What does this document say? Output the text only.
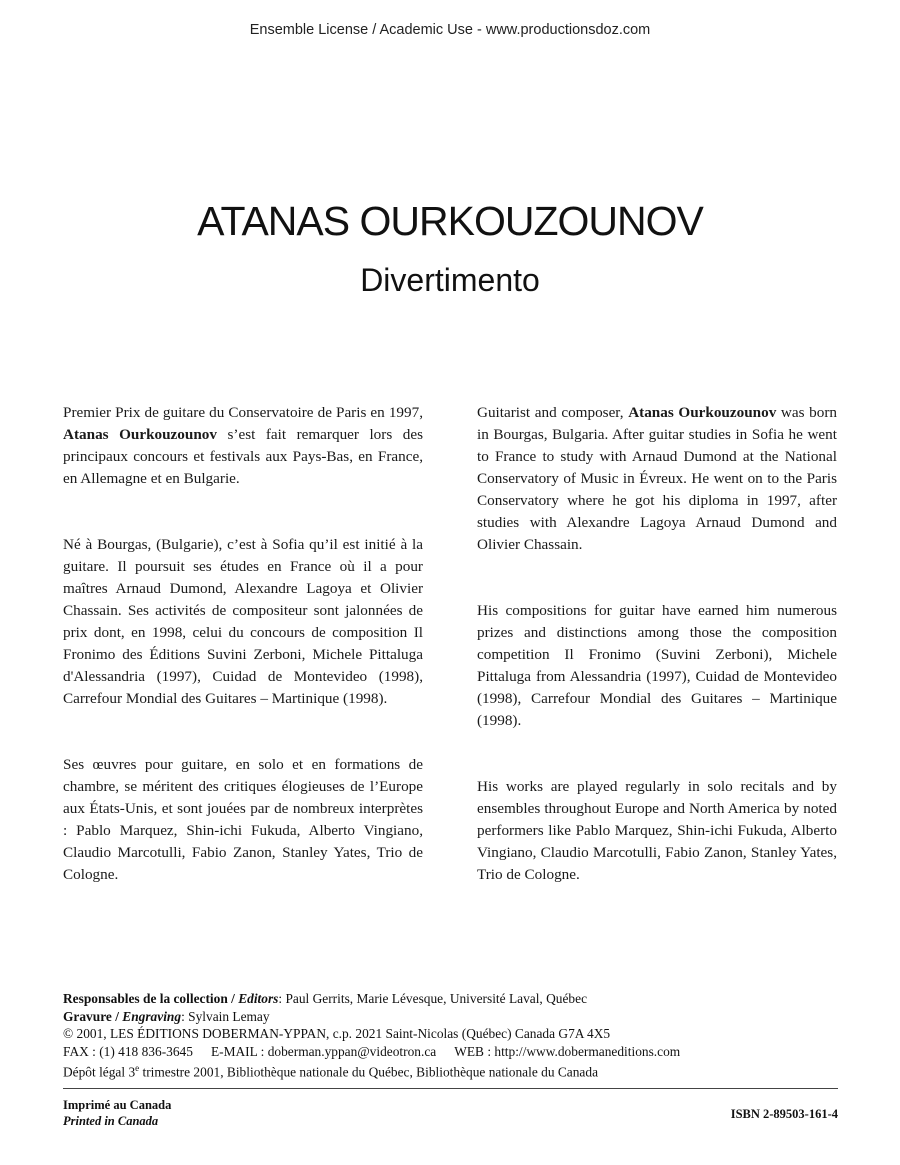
Ensemble License / Academic Use - www.productionsdoz.com
ATANAS OURKOUZOUNOV
Divertimento

Premier Prix de guitare du Conservatoire de Paris en 1997, Atanas Ourkouzounov s’est fait remarquer lors des principaux concours et festivals aux Pays-Bas, en France, en Allemagne et en Bulgarie.

Né à Bourgas, (Bulgarie), c’est à Sofia qu’il est initié à la guitare. Il poursuit ses études en France où il a pour maîtres Arnaud Dumond, Alexandre Lagoya et Olivier Chassain. Ses activités de compositeur sont jalonnées de prix dont, en 1998, celui du concours de composition Il Fronimo des Éditions Suvini Zerboni, Michele Pittaluga d'Alessandria (1997), Cuidad de Montevideo (1998), Carrefour Mondial des Guitares – Martinique (1998).

Ses œuvres pour guitare, en solo et en formations de chambre, se méritent des critiques élogieuses de l’Europe aux États-Unis, et sont jouées par de nombreux interprètes : Pablo Marquez, Shin-ichi Fukuda, Alberto Vingiano, Claudio Marcotulli, Fabio Zanon, Stanley Yates, Trio de Cologne.

Guitarist and composer, Atanas Ourkouzounov was born in Bourgas, Bulgaria. After guitar studies in Sofia he went to France to study with Arnaud Dumond at the National Conservatory of Music in Évreux. He went on to the Paris Conservatory where he got his diploma in 1997, after studies with Alexandre Lagoya Arnaud Dumond and Olivier Chassain.

His compositions for guitar have earned him numerous prizes and distinctions among those the composition competition Il Fronimo (Suvini Zerboni), Michele Pittaluga from Alessandria (1997), Cuidad de Montevideo (1998), Carrefour Mondial des Guitares – Martinique (1998).

His works are played regularly in solo recitals and by ensembles throughout Europe and North America by noted performers like Pablo Marquez, Shin-ichi Fukuda, Alberto Vingiano, Claudio Marcotulli, Fabio Zanon, Stanley Yates, Trio de Cologne.

Responsables de la collection / Editors: Paul Gerrits, Marie Lévesque, Université Laval, Québec
Gravure / Engraving: Sylvain Lemay
© 2001, LES ÉDITIONS DOBERMAN-YPPAN, c.p. 2021 Saint-Nicolas (Québec) Canada G7A 4X5
FAX : (1) 418 836-3645 E-MAIL : doberman.yppan@videotron.ca WEB : http://www.dobermaneditions.com
Dépôt légal 3e trimestre 2001, Bibliothèque nationale du Québec, Bibliothèque nationale du Canada
Imprimé au Canada
Printed in Canada	ISBN 2-89503-161-4
